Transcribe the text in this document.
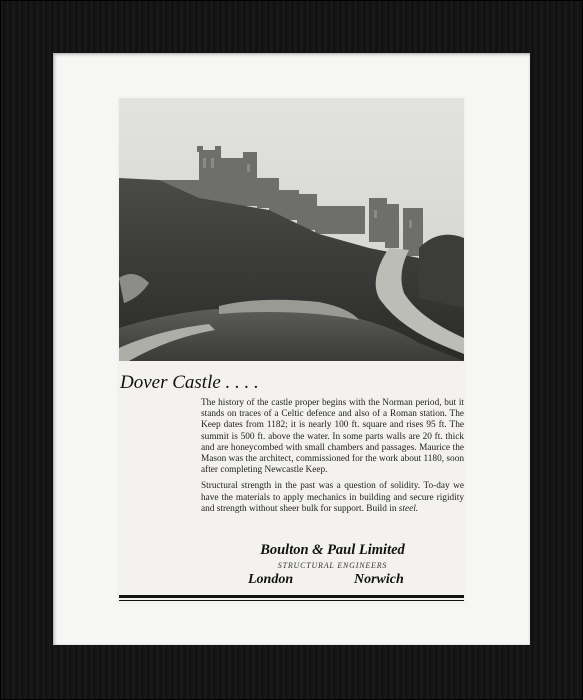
Dover Castle . . . .

The history of the castle proper begins with the Norman period, but it stands on traces of a Celtic defence and also of a Roman station. The Keep dates from 1182; it is nearly 100 ft. square and rises 95 ft. The summit is 500 ft. above the water. In some parts walls are 20 ft. thick and are honeycombed with small chambers and passages. Maurice the Mason was the architect, commissioned for the work about 1180, soon after completing Newcastle Keep.

Structural strength in the past was a question of solidity. To-day we have the materials to apply mechanics in building and secure rigidity and strength without sheer bulk for support. Build in steel.

Boulton & Paul Limited
STRUCTURAL ENGINEERS
London	Norwich
